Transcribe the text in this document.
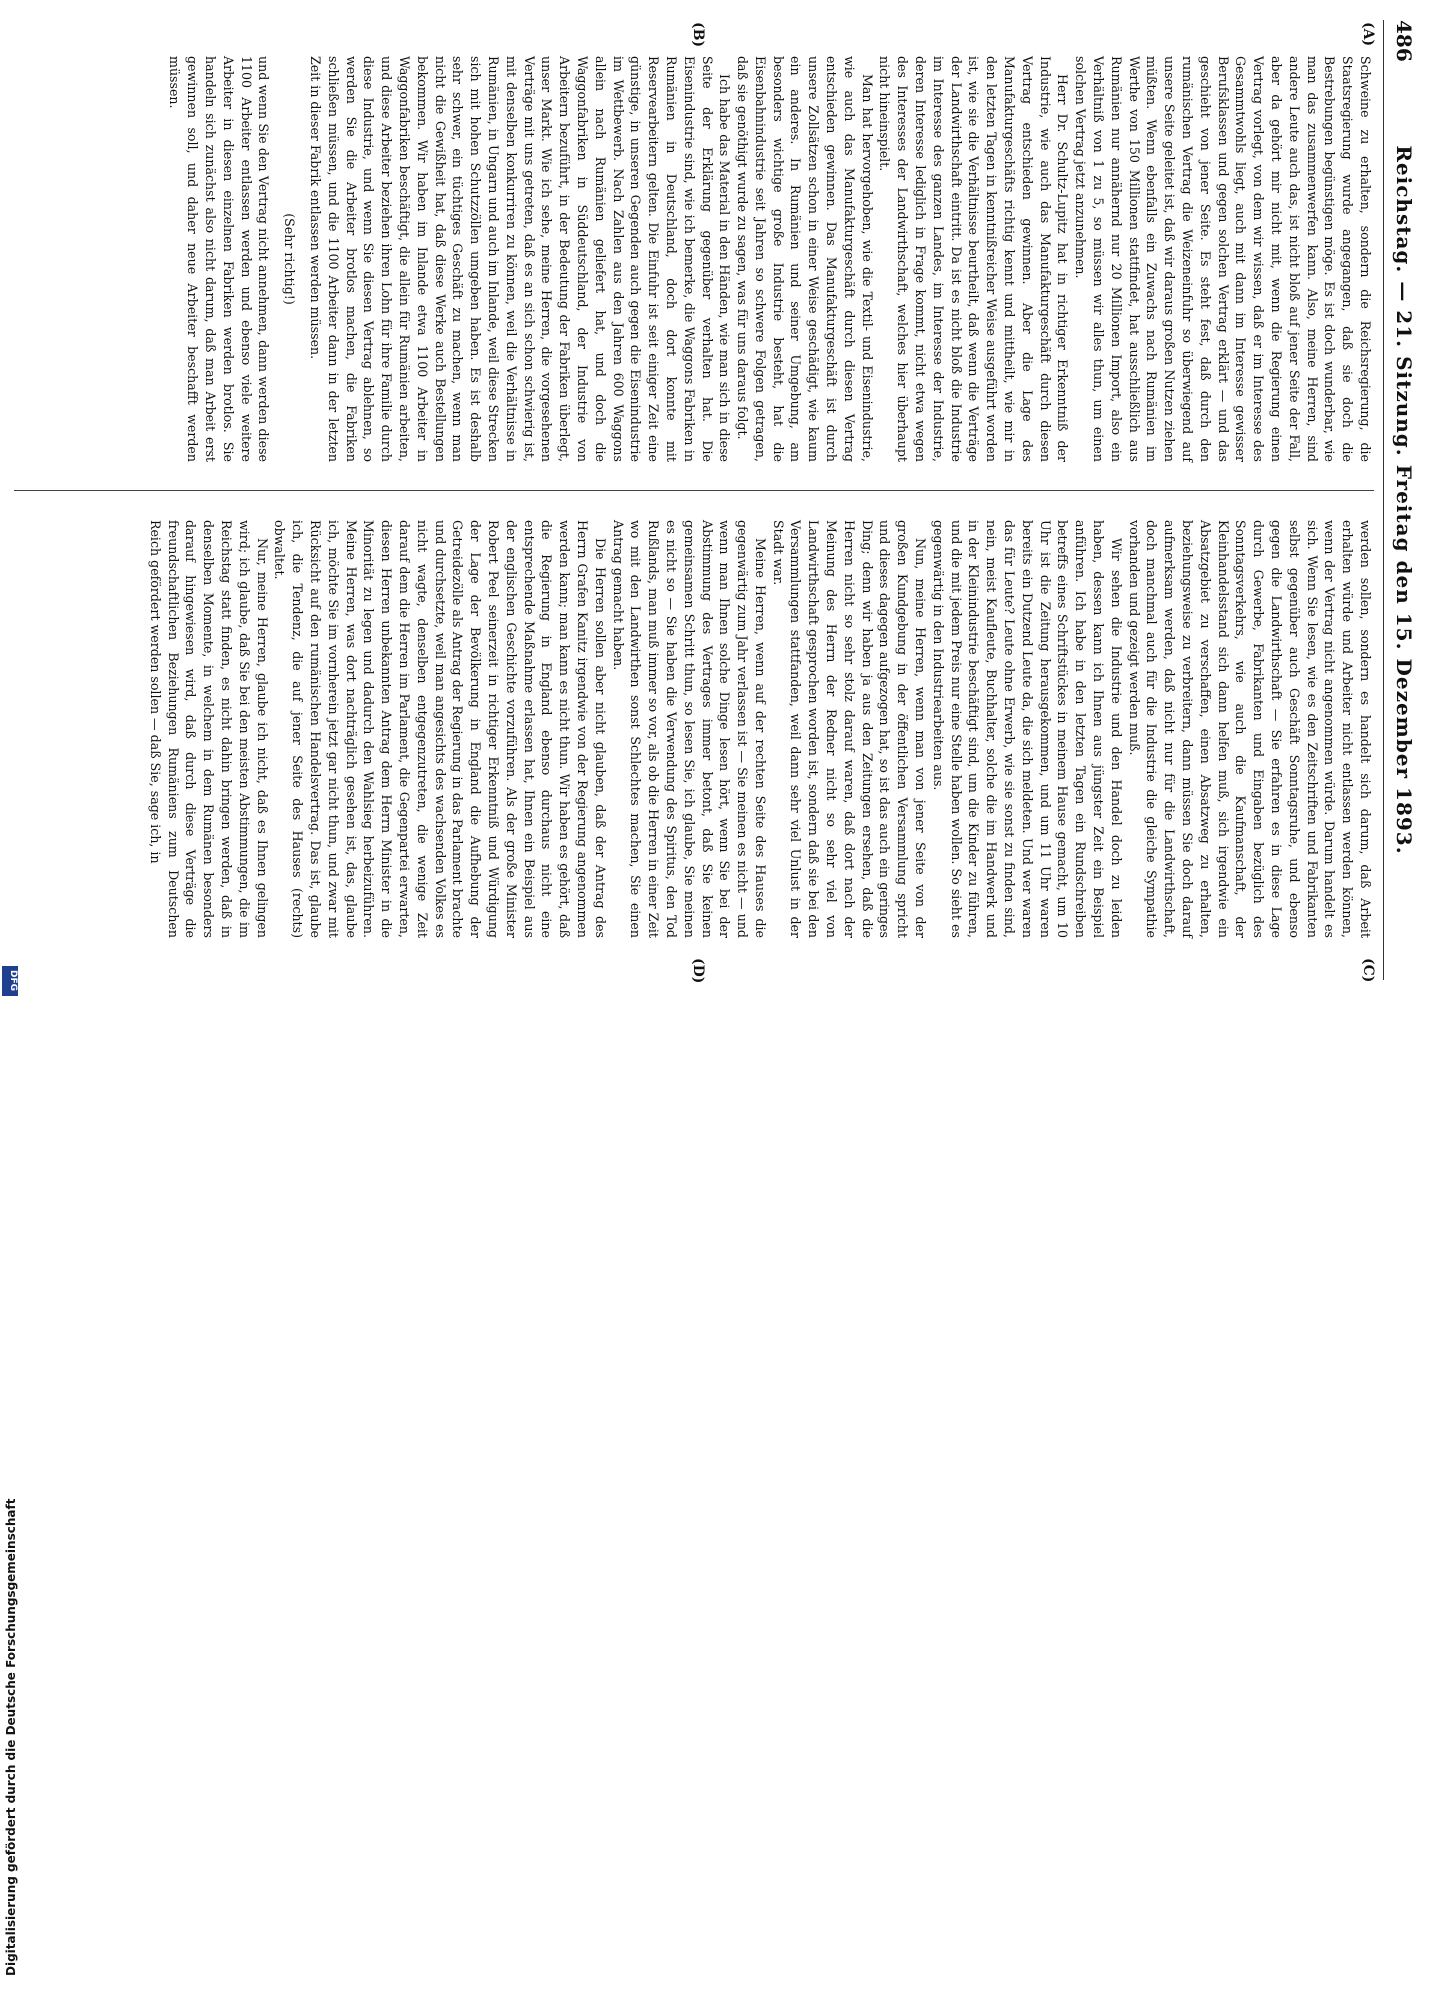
486
Reichstag. — 21. Sitzung. Freitag den 15. Dezember 1893.
(A)
(B)
(C)
(D)

Schweine zu erhalten, sondern die Reichsregierung, die Staatsregierung wurde angegangen, daß sie doch die Bestrebungen begünstigen möge. Es ist doch wunderbar, wie man das zusammenwerfen kann. Also, meine Herren, sind andere Leute auch das, ist nicht bloß auf jener Seite der Fall, aber da gehört mir nicht mit, wenn die Regierung einen Vertrag vorlegt, von dem wir wissen, daß er im Interesse des Gesammtwohls liegt, auch mit dann im Interesse gewisser Berufsklassen und gegen solchen Vertrag erklärt — und das geschieht von jener Seite. Es steht fest, daß durch den rumänischen Vertrag die Weizeneinfuhr so überwiegend auf unsere Seite geleitet ist, daß wir daraus großen Nutzen ziehen müßten. Wenn ebenfalls ein Zuwachs nach Rumänien im Werthe von 150 Millionen stattfindet, hat ausschließlich aus Rumänien nur annähernd nur 20 Millionen Import, also ein Verhältniß von 1 zu 5, so müssen wir alles thun, um einen solchen Vertrag jetzt anzunehmen.

Herr Dr. Schultz-Lupitz hat in richtiger Erkenntniß der Industrie, wie auch das Manufakturgeschäft durch diesen Vertrag entschieden gewinnen. Aber die Lage des Manufakturgeschäfts richtig kennt und mittheilt, wie mir in den letzten Tagen in kenntnißreicher Weise ausgeführt worden ist, wie sie die Verhältnisse beurtheilt, daß wenn die Verträge der Landwirthschaft eintritt. Da ist es nicht bloß die Industrie im Interesse des ganzen Landes, im Interesse der Industrie, deren Interesse lediglich in Frage kommt, nicht etwa wegen des Interesses der Landwirthschaft, welches hier überhaupt nicht hineinspielt.

Man hat hervorgehoben, wie die Textil- und Eisenindustrie, wie auch das Manufakturgeschäft durch diesen Vertrag entschieden gewinnen. Das Manufakturgeschäft ist durch unsere Zollsätzen schon in einer Weise geschädigt, wie kaum ein anderes. In Rumänien und seiner Umgebung, am besonders wichtige große Industrie besteht, hat die Eisenbahnindustrie seit Jahren so schwere Folgen getragen, daß sie genöthigt wurde zu sagen, was für uns daraus folgt.

Ich habe das Material in den Händen, wie man sich in diese Seite der Erklärung gegenüber verhalten hat. Die Eisenindustrie sind, wie ich bemerke, die Waggons Fabriken in Rumänien in Deutschland, doch dort konnte mit Reservearbeitern gelten. Die Einfuhr ist seit einiger Zeit eine günstige, in unseren Gegenden auch gegen die Eisenindustrie im Wettbewerb. Nach Zahlen aus den Jahren 600 Waggons allein nach Rumänien geliefert hat, und doch die Waggonfabriken in Süddeutschland, der Industrie von Arbeitern bezuführt, in der Bedeutung der Fabriken überlegt, unser Markt. Wie ich sehe, meine Herren, die vorgesehenen Verträge mit uns getreten, daß es an sich schon schwierig ist, mit denselben konkurriren zu können, weil die Verhältnisse in Rumänien, in Ungarn und auch im Inlande, weil diese Strecken sich mit hohen Schutzzöllen umgeben haben. Es ist deshalb sehr schwer, ein tüchtiges Geschäft zu machen, wenn man nicht die Gewißheit hat, daß diese Werke auch Bestellungen bekommen. Wir haben im Inlande etwa 1100 Arbeiter in Waggonfabriken beschäftigt, die allein für Rumänien arbeiten, und diese Arbeiter beziehen ihren Lohn für ihre Familie durch diese Industrie, und wenn Sie diesen Vertrag ablehnen, so werden Sie die Arbeiter brotlos machen, die Fabriken schließen müssen, und die 1100 Arbeiter dann in der letzten Zeit in dieser Fabrik entlassen werden müssen.

(Sehr richtig!)

und wenn Sie den Vertrag nicht annehmen, dann werden diese 1100 Arbeiter entlassen werden und ebenso viele weitere Arbeiter in diesen einzelnen Fabriken werden brotlos. Sie handeln sich zunächst also nicht darum, daß man Arbeit erst gewinnen soll, und daher neue Arbeiter beschafft werden müssen.

werden sollen, sondern es handelt sich darum, daß Arbeit erhalten würde und Arbeiter nicht entlassen werden können, wenn der Vertrag nicht angenommen würde. Darum handelt es sich. Wenn Sie lesen, wie es den Zeitschriften und Fabrikanten selbst gegenüber auch Geschäft Sonntagsruhe, und ebenso gegen die Landwirthschaft — Sie erfahren es in diese Lage durch Gewerbe, Fabrikanten und Eingaben bezüglich des Sonntagsverkehrs, wie auch die Kaufmanschaft, der Kleinhandelsstand sich dann helfen muß, sich irgendwie ein Absatzgebiet zu verschaffen, einen Absatzweg zu erhalten, beziehungsweise zu verbreitern, dann müssen Sie doch darauf aufmerksam werden, daß nicht nur für die Landwirthschaft, doch manchmal auch für die Industrie die gleiche Sympathie vorhanden und gezeigt werden muß.

Wir sehen die Industrie und den Handel doch zu leiden haben, dessen kann ich Ihnen aus jüngster Zeit ein Beispiel anführen. Ich habe in den letzten Tagen ein Rundschreiben betreffs eines Schriftstückes in meinem Hause gemacht, um 10 Uhr ist die Zeitung herausgekommen, und um 11 Uhr waren bereits ein Dutzend Leute da, die sich meldeten. Und wer waren das für Leute? Leute ohne Erwerb, wie sie sonst zu finden sind, nein, meist Kaufleute, Buchhalter, solche die im Handwerk und in der Kleinindustrie beschäftigt sind, um die Kinder zu führen, und die mit jedem Preis nur eine Stelle haben wollen. So sieht es gegenwärtig in den Industriearbeiten aus.

Nun, meine Herren, wenn man von jener Seite von der großen Kundgebung in der öffentlichen Versammlung spricht und dieses dagegen aufgezogen hat, so ist das auch ein geringes Ding; denn wir haben ja aus den Zeitungen ersehen, daß die Herren nicht so sehr stolz darauf waren, daß dort nach der Meinung des Herrn der Redner nicht so sehr viel von Landwirthschaft gesprochen worden ist, sondern daß sie bei den Versammlungen stattfanden, weil dann sehr viel Unlust in der Stadt war.

Meine Herren, wenn auf der rechten Seite des Hauses die gegenwärtig zum Jahr verlassen ist — Sie meinen es nicht — und wenn man Ihnen solche Dinge lesen hört, wenn Sie bei der Abstimmung des Vertrages immer betont, daß Sie keinen gemeinsamen Schritt thun, so lesen Sie, ich glaube, Sie meinen es nicht so — Sie haben die Verwendung des Spiritus, den Tod Rußlands, man muß immer so vor, als ob die Herren in einer Zeit wo mit den Landwirthen sonst Schlechtes machen, Sie einen Antrag gemacht haben.

Die Herren sollen aber nicht glauben, daß der Antrag des Herrn Grafen Kanitz irgendwie von der Regierung angenommen werden kann; man kann es nicht thun. Wir haben es gehört, daß die Regierung in England ebenso durchaus nicht eine entsprechende Maßnahme erlassen hat, Ihnen ein Beispiel aus der englischen Geschichte vorzuführen. Als der große Minister Robert Peel seinerzeit in richtiger Erkenntniß und Würdigung der Lage der Bevölkerung in England die Aufhebung der Getreidezölle als Antrag der Regierung in das Parlament brachte und durchsetzte, weil man angesichts des wachsenden Volkes es nicht wagte, denselben entgegenzutreten, die wenige Zeit darauf dem die Herren im Parlament, die Gegenpartei erwarten, diesen Herren unbekannten Antrag dem Herrn Minister in die Minorität zu legen und dadurch den Wahlsieg herbeizuführen. Meine Herren, was dort nachträglich gesehen ist, das, glaube ich, möchte Sie im vornherein jetzt gar nicht thun, und zwar mit Rücksicht auf den rumänischen Handelsvertrag. Das ist, glaube ich, die Tendenz, die auf jener Seite des Hauses (rechts) obwaltet.

Nur, meine Herren, glaube ich nicht, daß es Ihnen gelingen wird; ich glaube, daß Sie bei den meisten Abstimmungen, die im Reichstag statt finden, es nicht dahin bringen werden, daß in denselben Momente, in welchem in dem Rumänen besonders darauf hingewiesen wird, daß durch diese Verträge die freundschaftlichen Beziehungen Rumäniens zum Deutschen Reich gefördert werden sollen — daß Sie, sage ich, in

Digitalisierung gefördert durch die Deutsche Forschungsgemeinschaft
DFG
